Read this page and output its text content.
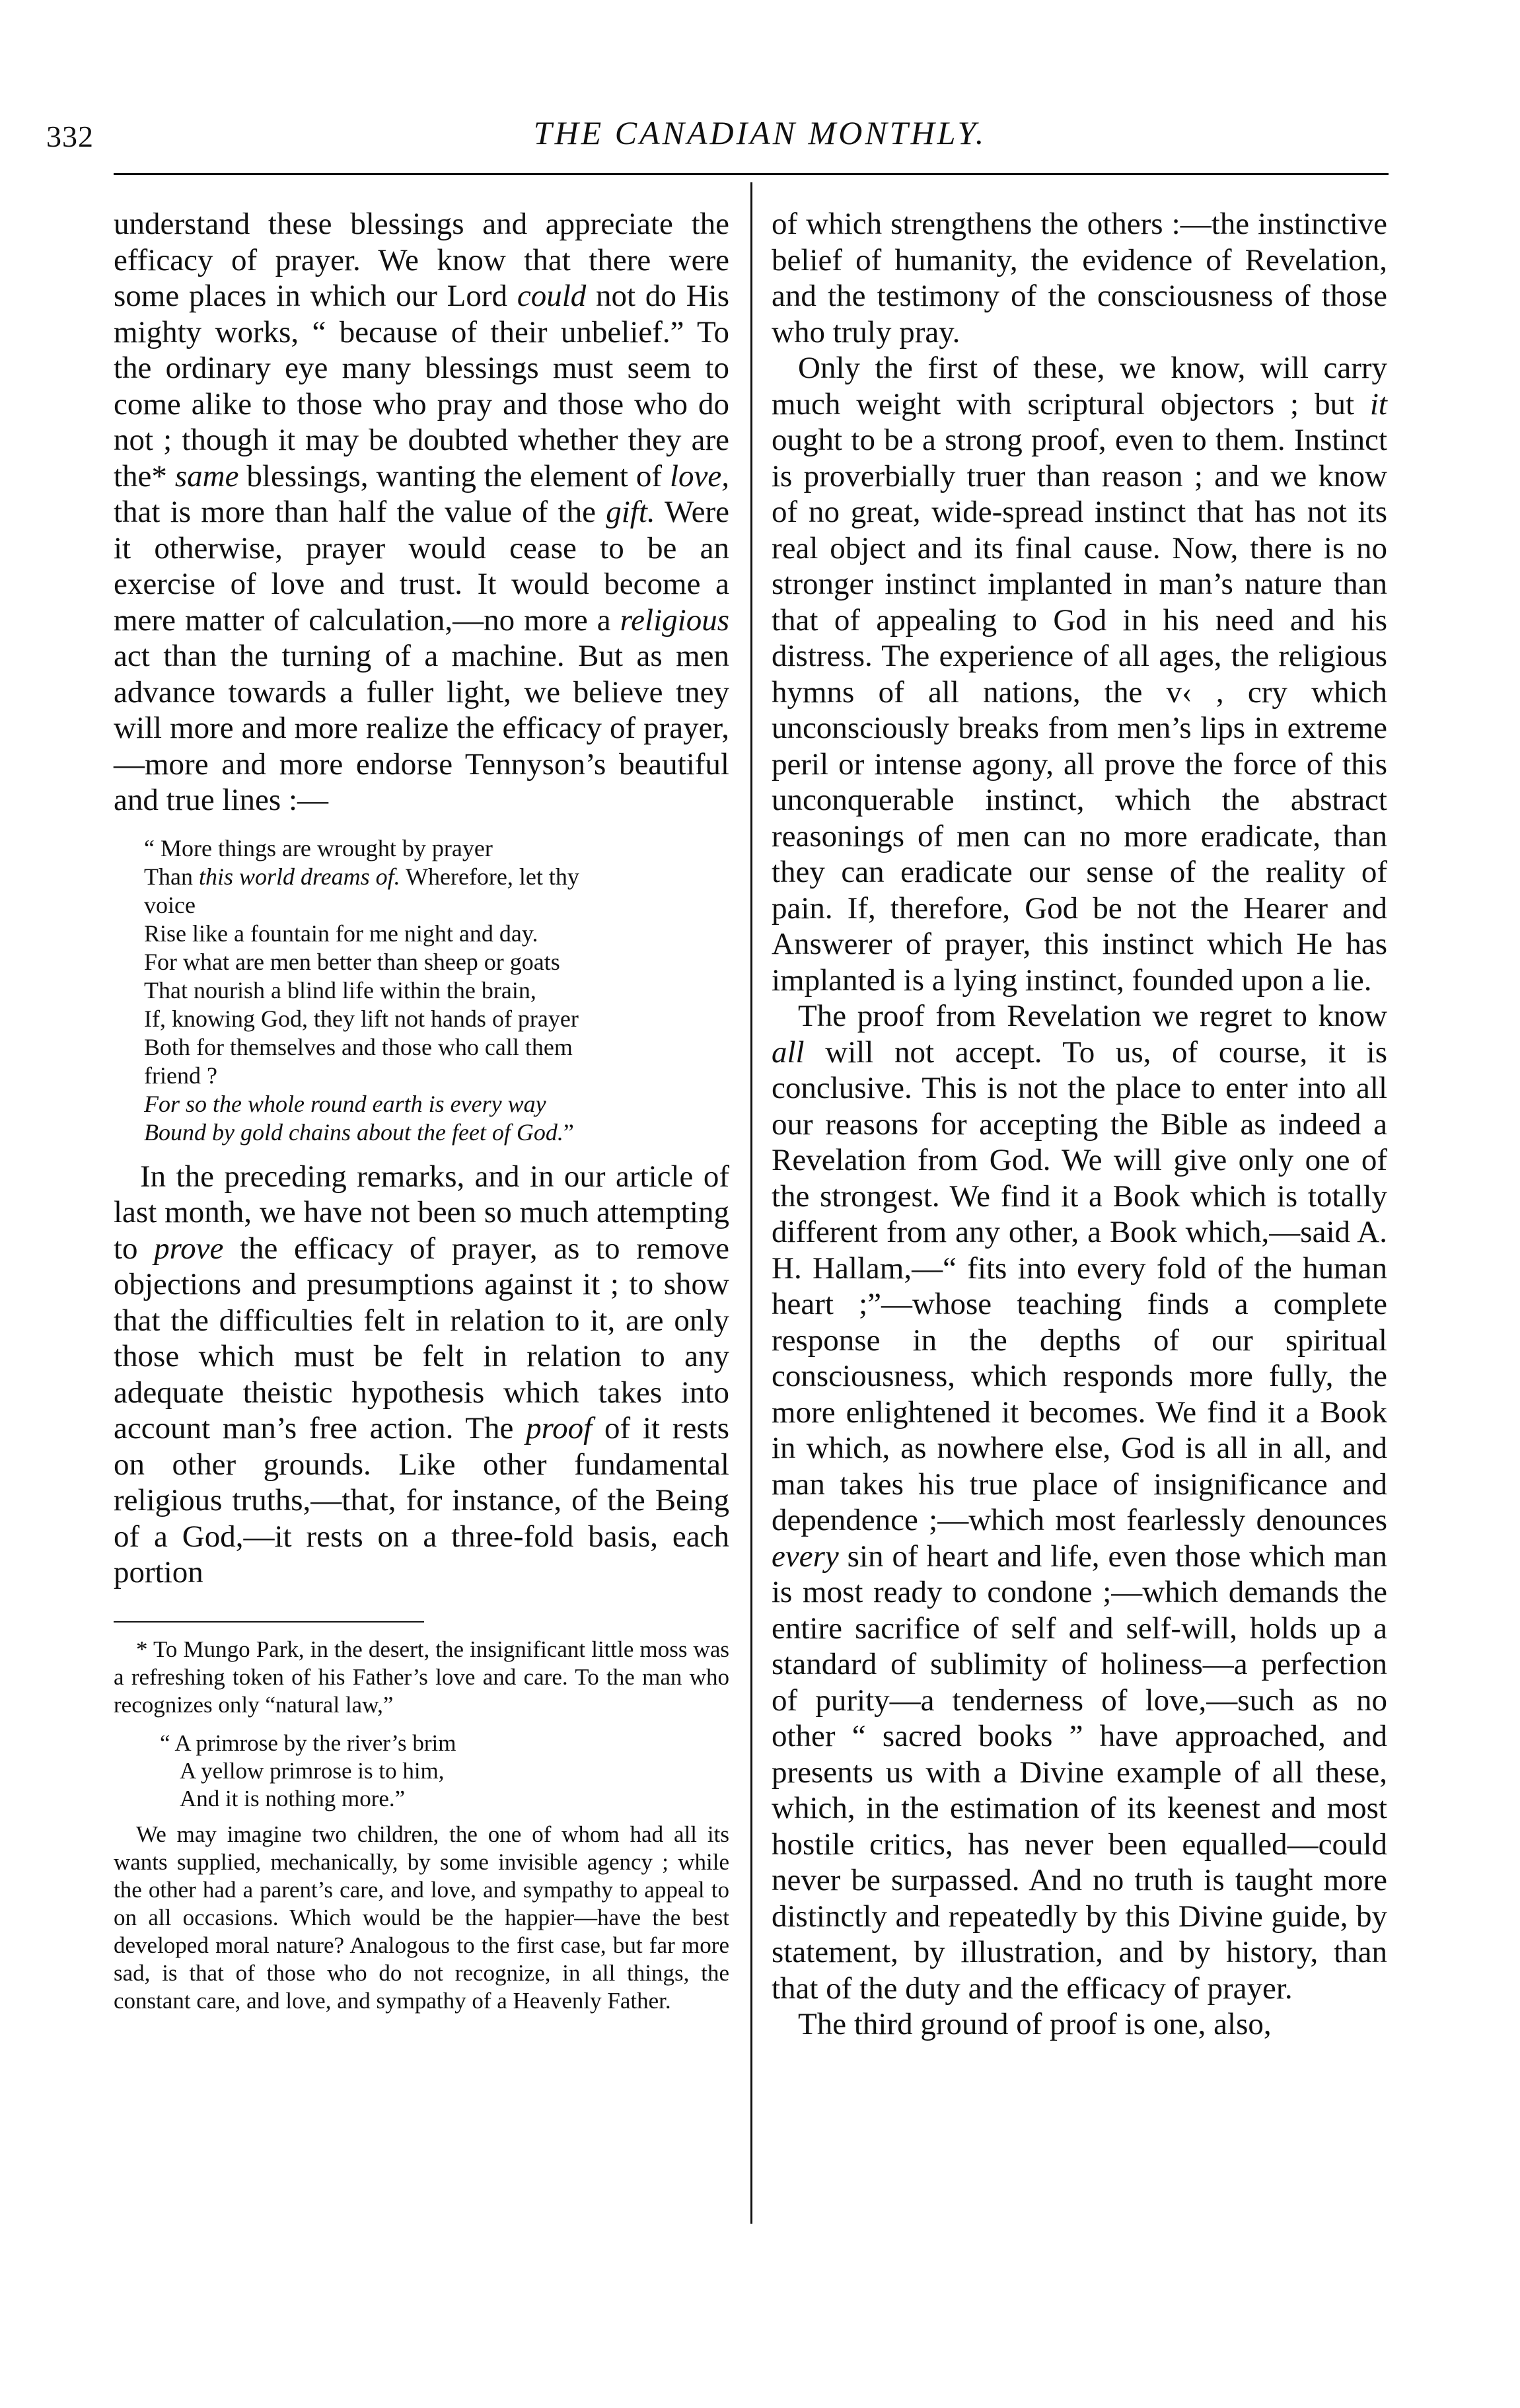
332	THE CANADIAN MONTHLY.

understand these blessings and appreciate the efficacy of prayer. We know that there were some places in which our Lord could not do His mighty works, “ because of their unbelief.” To the ordinary eye many blessings must seem to come alike to those who pray and those who do not ; though it may be doubted whether they are the* same blessings, wanting the element of love, that is more than half the value of the gift. Were it otherwise, prayer would cease to be an exercise of love and trust. It would become a mere matter of calculation,—no more a religious act than the turning of a machine. But as men advance towards a fuller light, we believe tney will more and more realize the efficacy of prayer,—more and more endorse Tennyson’s beautiful and true lines :—

“ More things are wrought by prayer
Than this world dreams of. Wherefore, let thy
voice
Rise like a fountain for me night and day.
For what are men better than sheep or goats
That nourish a blind life within the brain,
If, knowing God, they lift not hands of prayer
Both for themselves and those who call them
friend ?
For so the whole round earth is every way
Bound by gold chains about the feet of God.”

In the preceding remarks, and in our article of last month, we have not been so much attempting to prove the efficacy of prayer, as to remove objections and presumptions against it ; to show that the difficulties felt in relation to it, are only those which must be felt in relation to any adequate theistic hypothesis which takes into account man’s free action. The proof of it rests on other grounds. Like other fundamental religious truths,—that, for instance, of the Being of a God,—it rests on a three-fold basis, each portion

* To Mungo Park, in the desert, the insignificant little moss was a refreshing token of his Father’s love and care. To the man who recognizes only “natural law,”

“ A primrose by the river’s brim
A yellow primrose is to him,
And it is nothing more.”

We may imagine two children, the one of whom had all its wants supplied, mechanically, by some invisible agency ; while the other had a parent’s care, and love, and sympathy to appeal to on all occasions. Which would be the happier—have the best developed moral nature? Analogous to the first case, but far more sad, is that of those who do not recognize, in all things, the constant care, and love, and sympathy of a Heavenly Father.

of which strengthens the others :—the instinctive belief of humanity, the evidence of Revelation, and the testimony of the consciousness of those who truly pray.

Only the first of these, we know, will carry much weight with scriptural objectors ; but it ought to be a strong proof, even to them. Instinct is proverbially truer than reason ; and we know of no great, wide-spread instinct that has not its real object and its final cause. Now, there is no stronger instinct implanted in man’s nature than that of appealing to God in his need and his distress. The experience of all ages, the religious hymns of all nations, the v‹ , cry which unconsciously breaks from men’s lips in extreme peril or intense agony, all prove the force of this unconquerable instinct, which the abstract reasonings of men can no more eradicate, than they can eradicate our sense of the reality of pain. If, therefore, God be not the Hearer and Answerer of prayer, this instinct which He has implanted is a lying instinct, founded upon a lie.

The proof from Revelation we regret to know all will not accept. To us, of course, it is conclusive. This is not the place to enter into all our reasons for accepting the Bible as indeed a Revelation from God. We will give only one of the strongest. We find it a Book which is totally different from any other, a Book which,—said A. H. Hallam,—“ fits into every fold of the human heart ;”—whose teaching finds a complete response in the depths of our spiritual consciousness, which responds more fully, the more enlightened it becomes. We find it a Book in which, as nowhere else, God is all in all, and man takes his true place of insignificance and dependence ;—which most fearlessly denounces every sin of heart and life, even those which man is most ready to condone ;—which demands the entire sacrifice of self and self-will, holds up a standard of sublimity of holiness—a perfection of purity—a tenderness of love,—such as no other “ sacred books ” have approached, and presents us with a Divine example of all these, which, in the estimation of its keenest and most hostile critics, has never been equalled—could never be surpassed. And no truth is taught more distinctly and repeatedly by this Divine guide, by statement, by illustration, and by history, than that of the duty and the efficacy of prayer.

The third ground of proof is one, also,
